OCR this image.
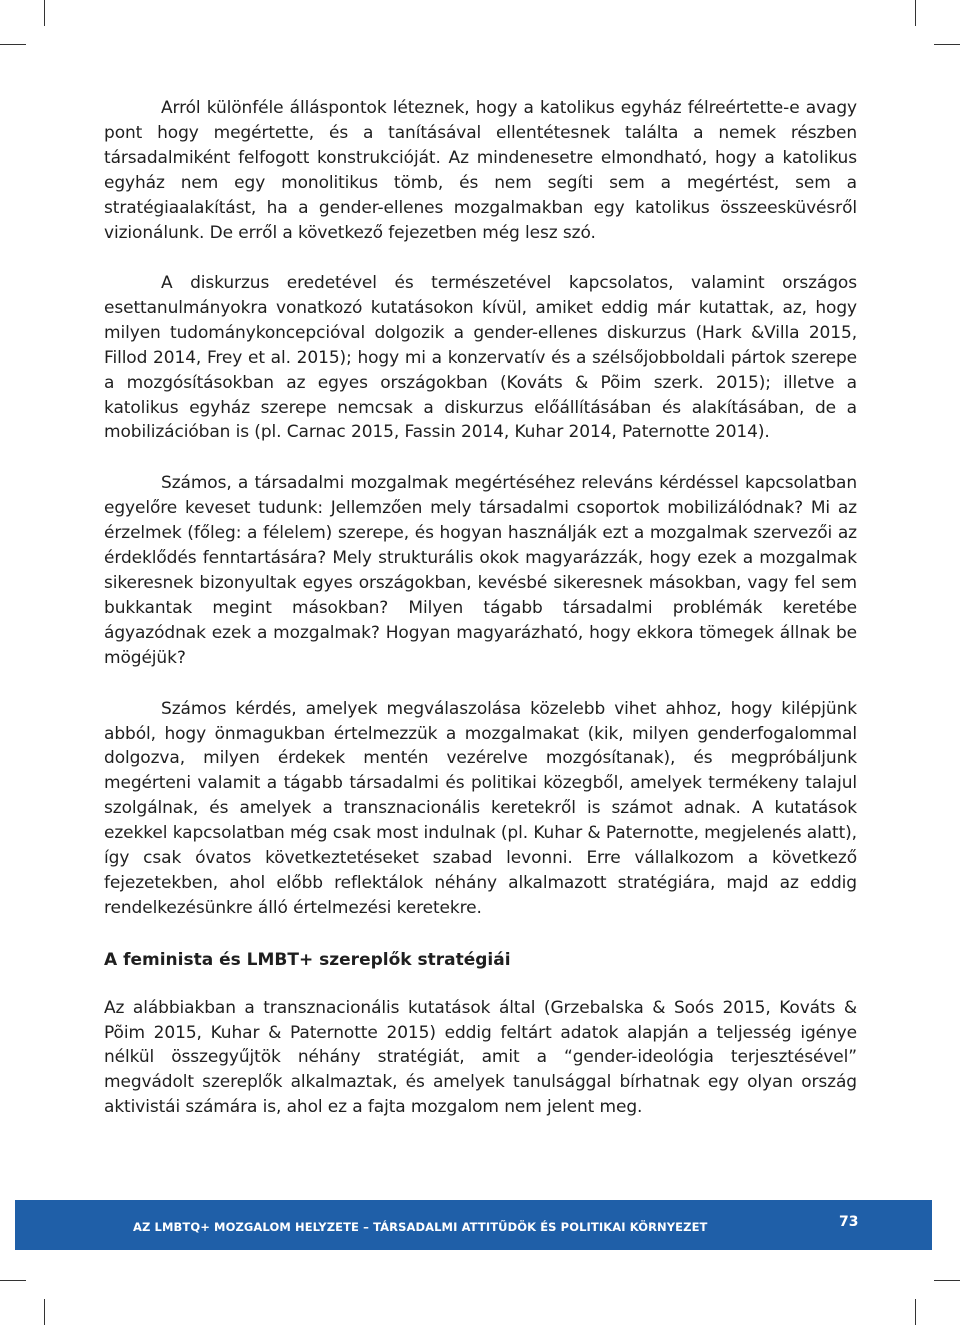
Arról különféle álláspontok léteznek, hogy a katolikus egyház félreértette-e avagy pont hogy megértette, és a tanításával ellentétesnek találta a nemek részben társadalmiként felfogott konstrukcióját. Az mindenesetre elmondható, hogy a katolikus egyház nem egy monolitikus tömb, és nem segíti sem a megértést, sem a stratégiaalakítást, ha a gender-ellenes mozgalmakban egy katolikus összeesküvésről vizionálunk. De erről a következő fejezetben még lesz szó.

A diskurzus eredetével és természetével kapcsolatos, valamint országos esettanulmányokra vonatkozó kutatásokon kívül, amiket eddig már kutattak, az, hogy milyen tudománykoncepcióval dolgozik a gender-ellenes diskurzus (Hark &Villa 2015, Fillod 2014, Frey et al. 2015); hogy mi a konzervatív és a szélsőjobboldali pártok szerepe a mozgósításokban az egyes országokban (Kováts & Põim szerk. 2015); illetve a katolikus egyház szerepe nemcsak a diskurzus előállításában és alakításában, de a mobilizációban is (pl. Carnac 2015, Fassin 2014, Kuhar 2014, Paternotte 2014).

Számos, a társadalmi mozgalmak megértéséhez releváns kérdéssel kapcsolatban egyelőre keveset tudunk: Jellemzően mely társadalmi csoportok mobilizálódnak? Mi az érzelmek (főleg: a félelem) szerepe, és hogyan használják ezt a mozgalmak szervezői az érdeklődés fenntartására? Mely strukturális okok magyarázzák, hogy ezek a mozgalmak sikeresnek bizonyultak egyes országokban, kevésbé sikeresnek másokban, vagy fel sem bukkantak megint másokban? Milyen tágabb társadalmi problémák keretébe ágyazódnak ezek a mozgalmak? Hogyan magyarázható, hogy ekkora tömegek állnak be mögéjük?

Számos kérdés, amelyek megválaszolása közelebb vihet ahhoz, hogy kilépjünk abból, hogy önmagukban értelmezzük a mozgalmakat (kik, milyen genderfogalommal dolgozva, milyen érdekek mentén vezérelve mozgósítanak), és megpróbáljunk megérteni valamit a tágabb társadalmi és politikai közegből, amelyek termékeny talajul szolgálnak, és amelyek a transznacionális keretekről is számot adnak. A kutatások ezekkel kapcsolatban még csak most indulnak (pl. Kuhar & Paternotte, megjelenés alatt), így csak óvatos következtetéseket szabad levonni. Erre vállalkozom a következő fejezetekben, ahol előbb reflektálok néhány alkalmazott stratégiára, majd az eddig rendelkezésünkre álló értelmezési keretekre.

A feminista és LMBT+ szereplők stratégiái

Az alábbiakban a transznacionális kutatások által (Grzebalska & Soós 2015, Kováts & Põim 2015, Kuhar & Paternotte 2015) eddig feltárt adatok alapján a teljesség igénye nélkül összegyűjtök néhány stratégiát, amit a “gender-ideológia terjesztésével” megvádolt szereplők alkalmaztak, és amelyek tanulsággal bírhatnak egy olyan ország aktivistái számára is, ahol ez a fajta mozgalom nem jelent meg.

AZ LMBTQ+ MOZGALOM HELYZETE – TÁRSADALMI ATTITŰDÖK ÉS POLITIKAI KÖRNYEZET	73
